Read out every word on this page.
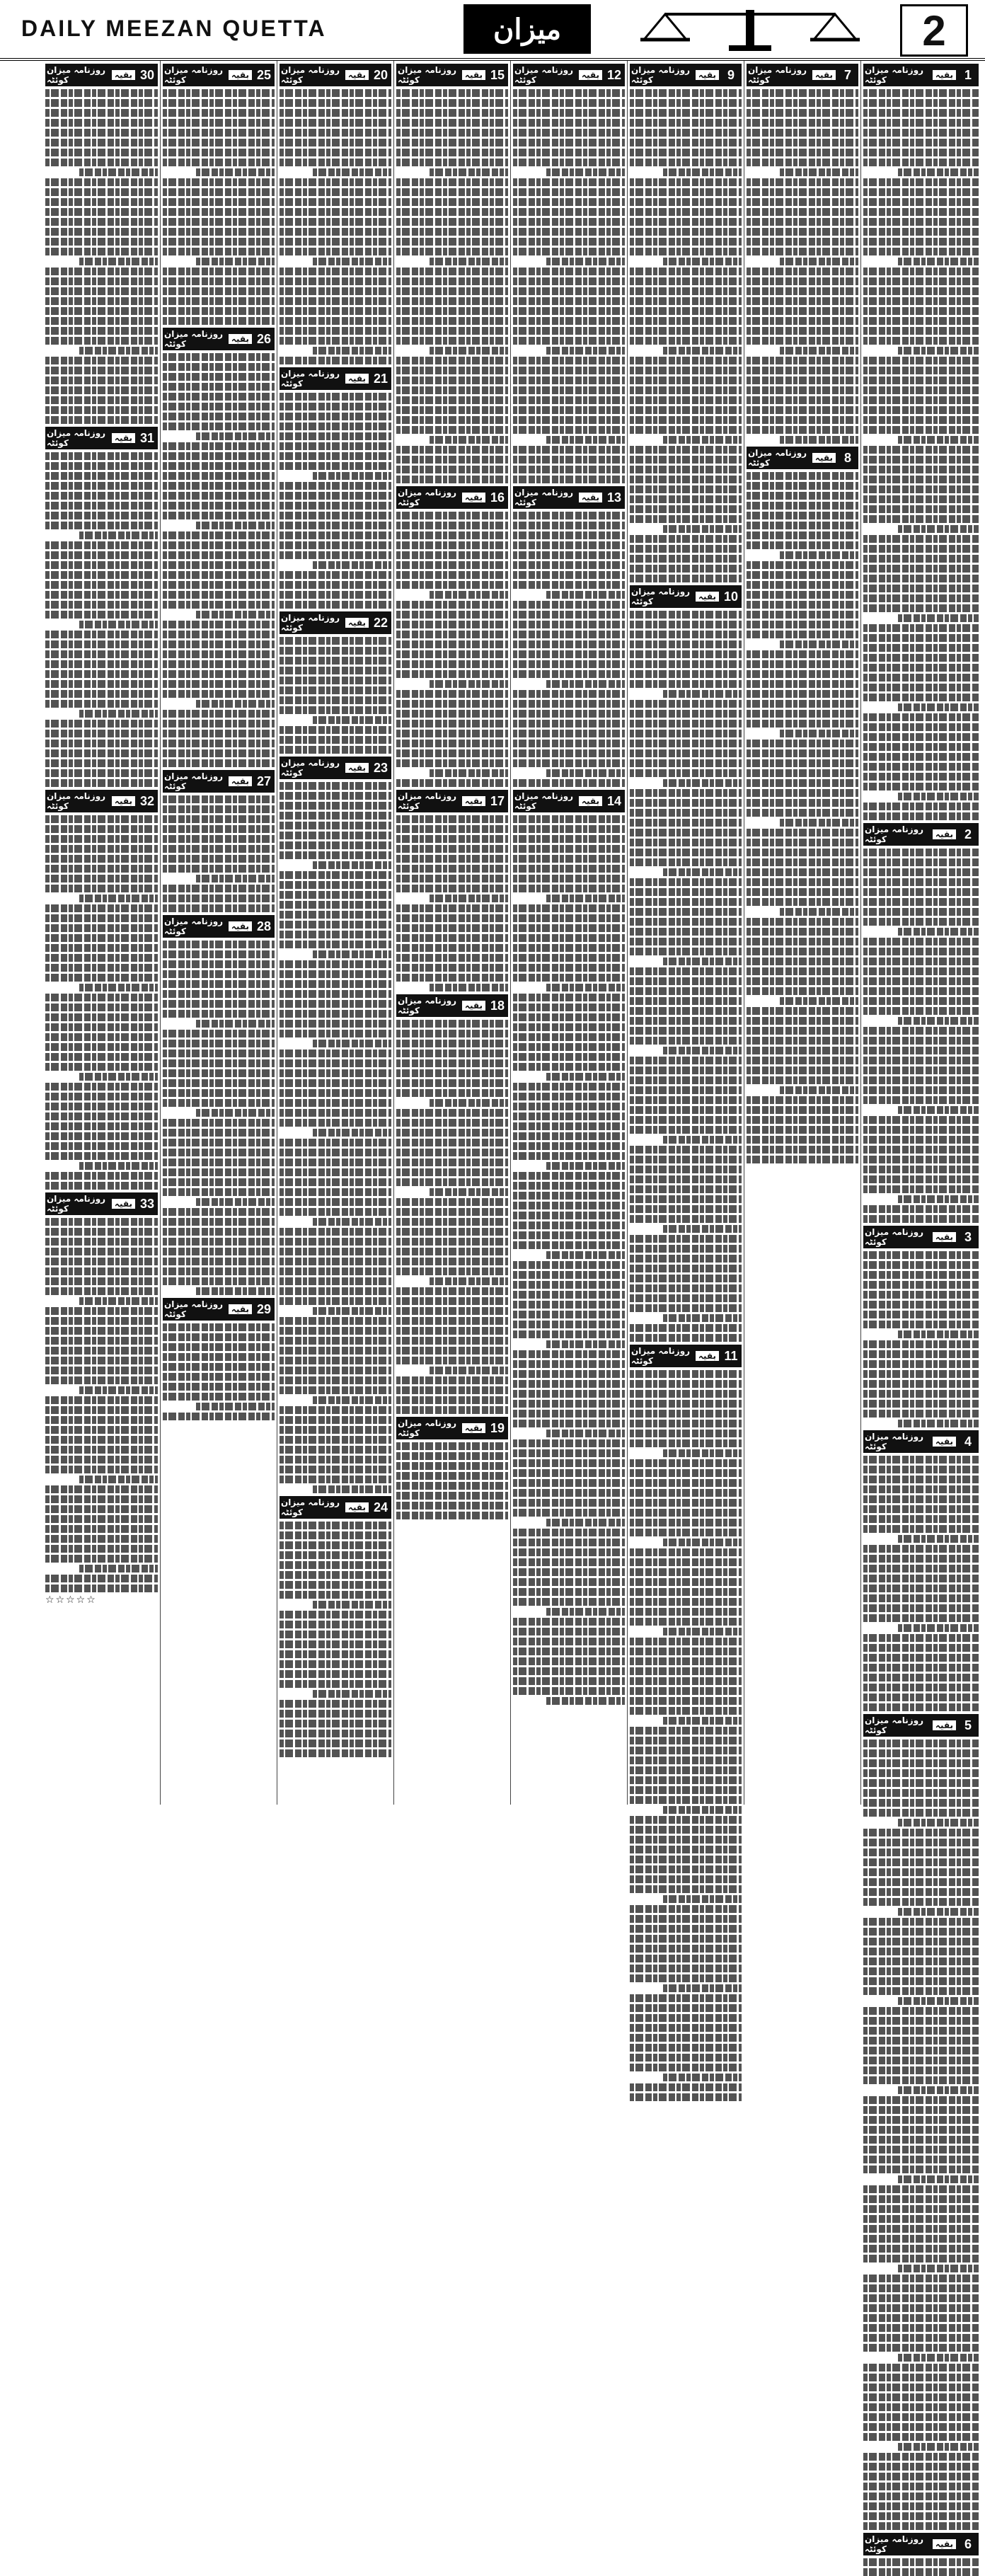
DAILY MEEZAN QUETTA	میزان	2
1
روزنامہ میزان کوئٹہ	بقیہ
2
روزنامہ میزان کوئٹہ	بقیہ
3
روزنامہ میزان کوئٹہ	بقیہ
4
روزنامہ میزان کوئٹہ	بقیہ
5
روزنامہ میزان کوئٹہ	بقیہ
6
روزنامہ میزان کوئٹہ	بقیہ
7
روزنامہ میزان کوئٹہ	بقیہ
8
روزنامہ میزان کوئٹہ	بقیہ
9
روزنامہ میزان کوئٹہ	بقیہ
10
روزنامہ میزان کوئٹہ	بقیہ
11
روزنامہ میزان کوئٹہ	بقیہ
12
روزنامہ میزان کوئٹہ	بقیہ
13
روزنامہ میزان کوئٹہ	بقیہ
14
روزنامہ میزان کوئٹہ	بقیہ
15
روزنامہ میزان کوئٹہ	بقیہ
16
روزنامہ میزان کوئٹہ	بقیہ
17
روزنامہ میزان کوئٹہ	بقیہ
18
روزنامہ میزان کوئٹہ	بقیہ
19
روزنامہ میزان کوئٹہ	بقیہ
20
روزنامہ میزان کوئٹہ	بقیہ
21
روزنامہ میزان کوئٹہ	بقیہ
22
روزنامہ میزان کوئٹہ	بقیہ
23
روزنامہ میزان کوئٹہ	بقیہ
24
روزنامہ میزان کوئٹہ	بقیہ
25
روزنامہ میزان کوئٹہ	بقیہ
26
روزنامہ میزان کوئٹہ	بقیہ
27
روزنامہ میزان کوئٹہ	بقیہ
28
روزنامہ میزان کوئٹہ	بقیہ
29
روزنامہ میزان کوئٹہ	بقیہ
30
روزنامہ میزان کوئٹہ	بقیہ
31
روزنامہ میزان کوئٹہ	بقیہ
32
روزنامہ میزان کوئٹہ	بقیہ
33
روزنامہ میزان کوئٹہ	بقیہ
☆☆☆☆☆
